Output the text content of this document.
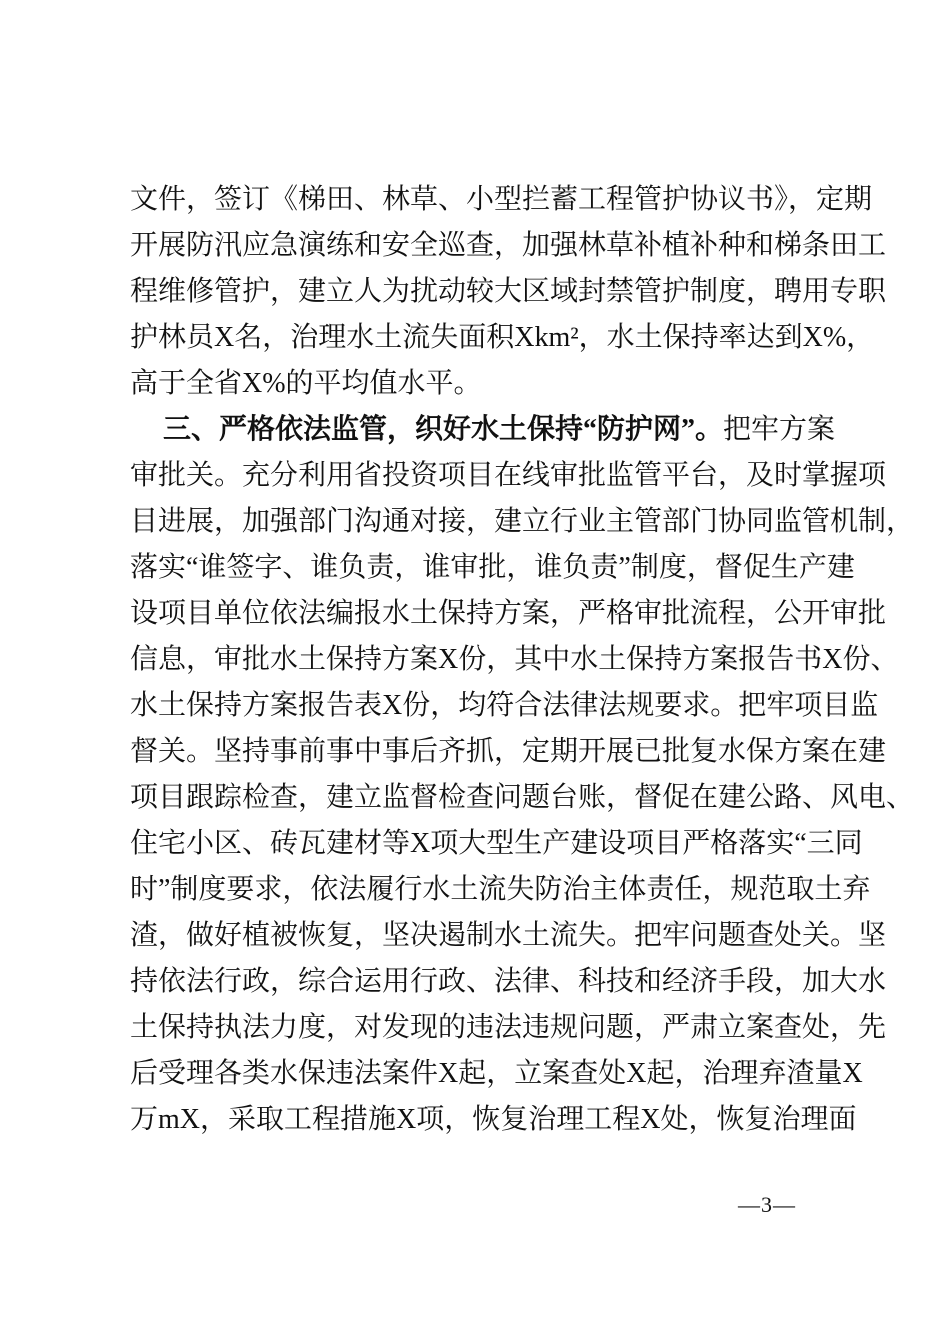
文件，签订《梯田、林草、小型拦蓄工程管护协议书》，定期
开展防汛应急演练和安全巡查，加强林草补植补种和梯条田工
程维修管护，建立人为扰动较大区域封禁管护制度，聘用专职
护林员X名，治理水土流失面积Xkm²，水土保持率达到X%，
高于全省X%的平均值水平。
三、严格依法监管，织好水土保持“防护网”。把牢方案
审批关。充分利用省投资项目在线审批监管平台，及时掌握项
目进展，加强部门沟通对接，建立行业主管部门协同监管机制，
落实“谁签字、谁负责，谁审批，谁负责”制度，督促生产建
设项目单位依法编报水土保持方案，严格审批流程，公开审批
信息，审批水土保持方案X份，其中水土保持方案报告书X份、
水土保持方案报告表X份，均符合法律法规要求。把牢项目监
督关。坚持事前事中事后齐抓，定期开展已批复水保方案在建
项目跟踪检查，建立监督检查问题台账，督促在建公路、风电、
住宅小区、砖瓦建材等X项大型生产建设项目严格落实“三同
时”制度要求，依法履行水土流失防治主体责任，规范取土弃
渣，做好植被恢复，坚决遏制水土流失。把牢问题查处关。坚
持依法行政，综合运用行政、法律、科技和经济手段，加大水
土保持执法力度，对发现的违法违规问题，严肃立案查处，先
后受理各类水保违法案件X起，立案查处X起，治理弃渣量X
万mX，采取工程措施X项，恢复治理工程X处，恢复治理面
—3—
